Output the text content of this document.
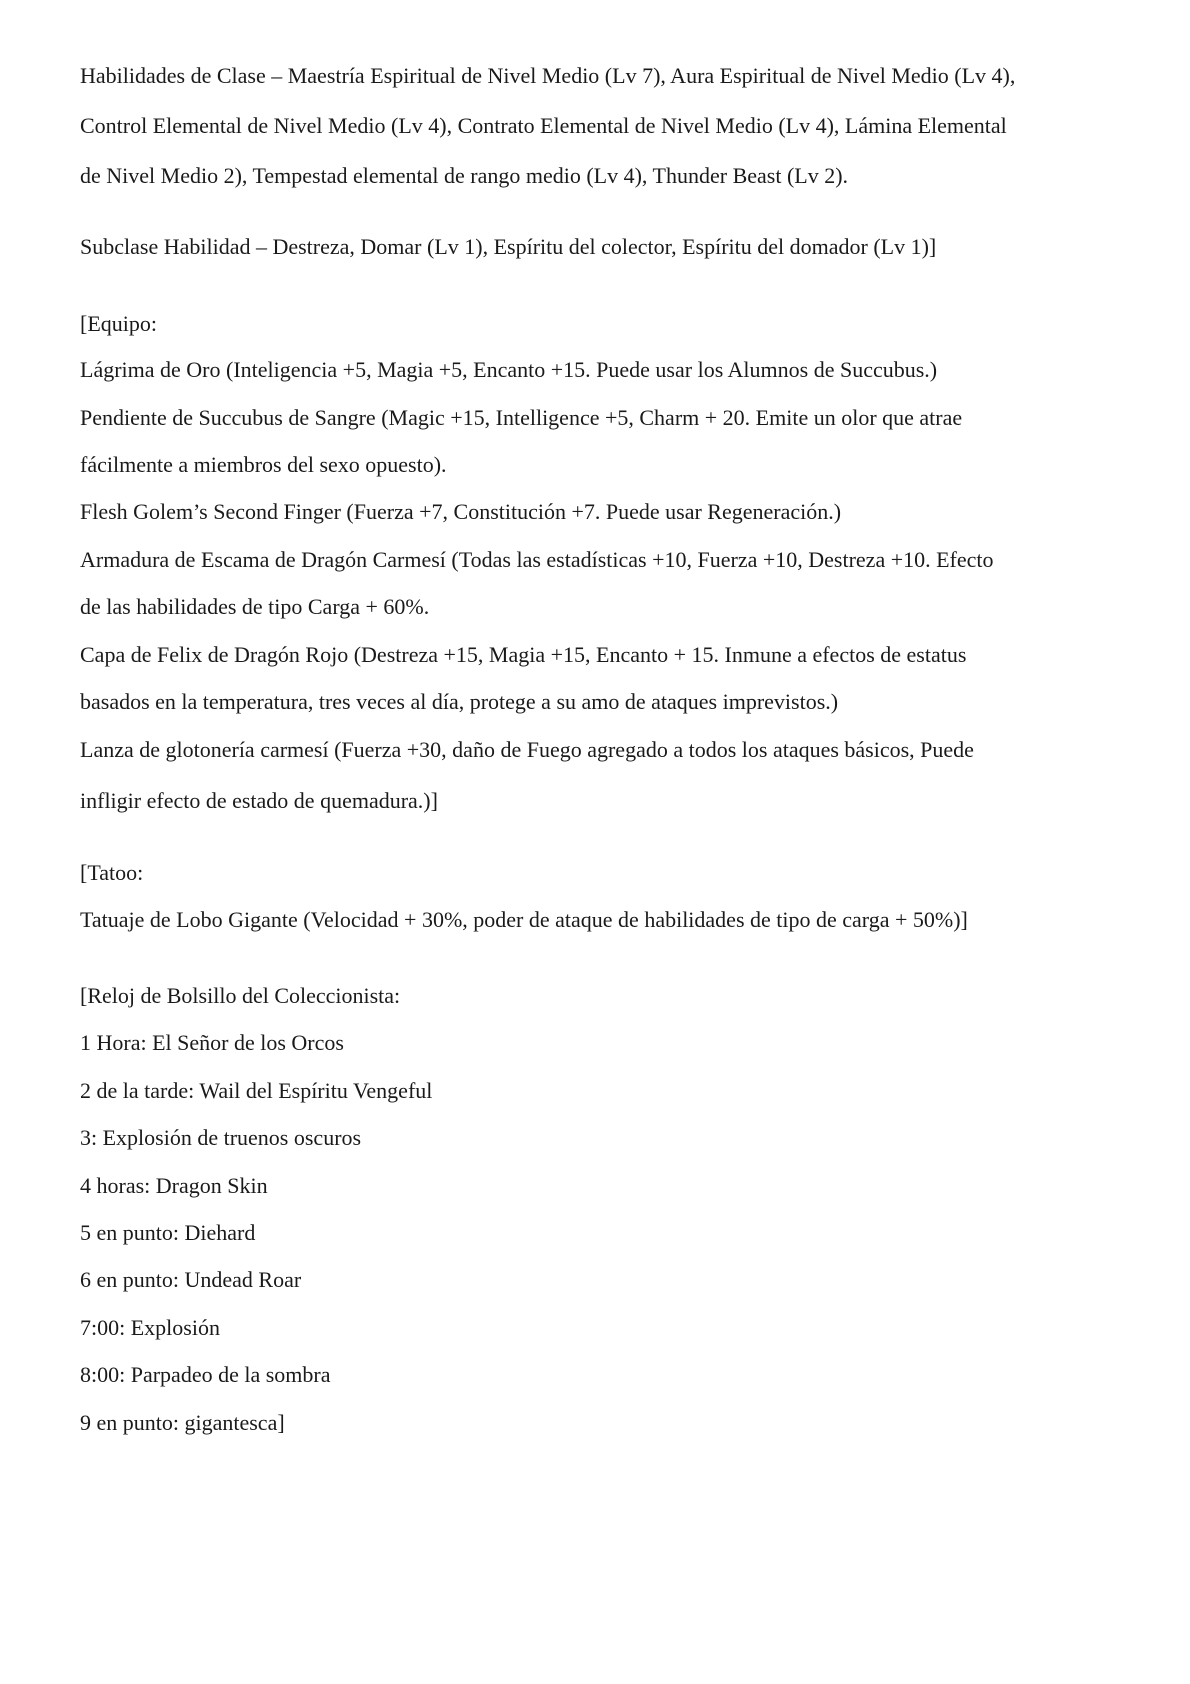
Habilidades de Clase – Maestría Espiritual de Nivel Medio (Lv 7), Aura Espiritual de Nivel Medio (Lv 4),
Control Elemental de Nivel Medio (Lv 4), Contrato Elemental de Nivel Medio (Lv 4), Lámina Elemental
de Nivel Medio 2), Tempestad elemental de rango medio (Lv 4), Thunder Beast (Lv 2).
Subclase Habilidad – Destreza, Domar (Lv 1), Espíritu del colector, Espíritu del domador (Lv 1)]
[Equipo:
Lágrima de Oro (Inteligencia +5, Magia +5, Encanto +15. Puede usar los Alumnos de Succubus.)
Pendiente de Succubus de Sangre (Magic +15, Intelligence +5, Charm + 20. Emite un olor que atrae
fácilmente a miembros del sexo opuesto).
Flesh Golem’s Second Finger (Fuerza +7, Constitución +7. Puede usar Regeneración.)
Armadura de Escama de Dragón Carmesí (Todas las estadísticas +10, Fuerza +10, Destreza +10. Efecto
de las habilidades de tipo Carga + 60%.
Capa de Felix de Dragón Rojo (Destreza +15, Magia +15, Encanto + 15. Inmune a efectos de estatus
basados en la temperatura, tres veces al día, protege a su amo de ataques imprevistos.)
Lanza de glotonería carmesí (Fuerza +30, daño de Fuego agregado a todos los ataques básicos, Puede
infligir efecto de estado de quemadura.)]
[Tatoo:
Tatuaje de Lobo Gigante (Velocidad + 30%, poder de ataque de habilidades de tipo de carga + 50%)]
[Reloj de Bolsillo del Coleccionista:
1 Hora: El Señor de los Orcos
2 de la tarde: Wail del Espíritu Vengeful
3: Explosión de truenos oscuros
4 horas: Dragon Skin
5 en punto: Diehard
6 en punto: Undead Roar
7:00: Explosión
8:00: Parpadeo de la sombra
9 en punto: gigantesca]
